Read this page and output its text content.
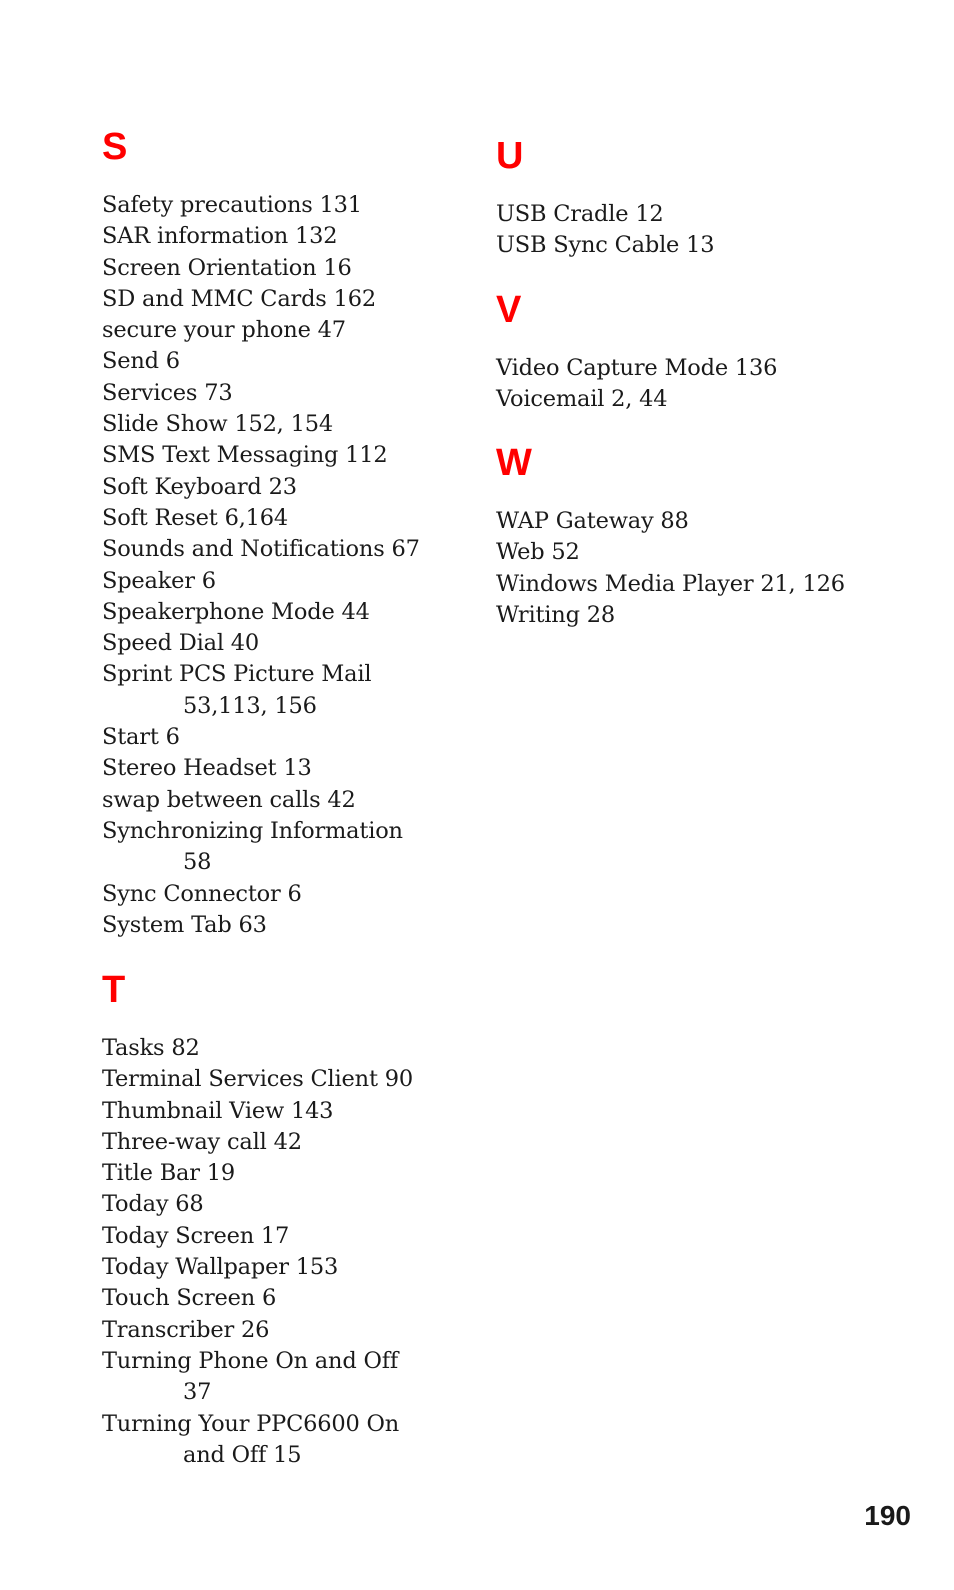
S
Safety precautions 131
SAR information 132
Screen Orientation 16
SD and MMC Cards 162
secure your phone 47
Send 6
Services 73
Slide Show 152, 154
SMS Text Messaging 112
Soft Keyboard 23
Soft Reset 6,164
Sounds and Notifications 67
Speaker 6
Speakerphone Mode 44
Speed Dial 40
Sprint PCS Picture Mail
53,113, 156
Start 6
Stereo Headset 13
swap between calls 42
Synchronizing Information
58
Sync Connector 6
System Tab 63
T
Tasks 82
Terminal Services Client 90
Thumbnail View 143
Three-way call 42
Title Bar 19
Today 68
Today Screen 17
Today Wallpaper 153
Touch Screen 6
Transcriber 26
Turning Phone On and Off
37
Turning Your PPC6600 On
and Off 15
U
USB Cradle 12
USB Sync Cable 13
V
Video Capture Mode 136
Voicemail 2, 44
W
WAP Gateway 88
Web 52
Windows Media Player 21, 126
Writing 28
190
